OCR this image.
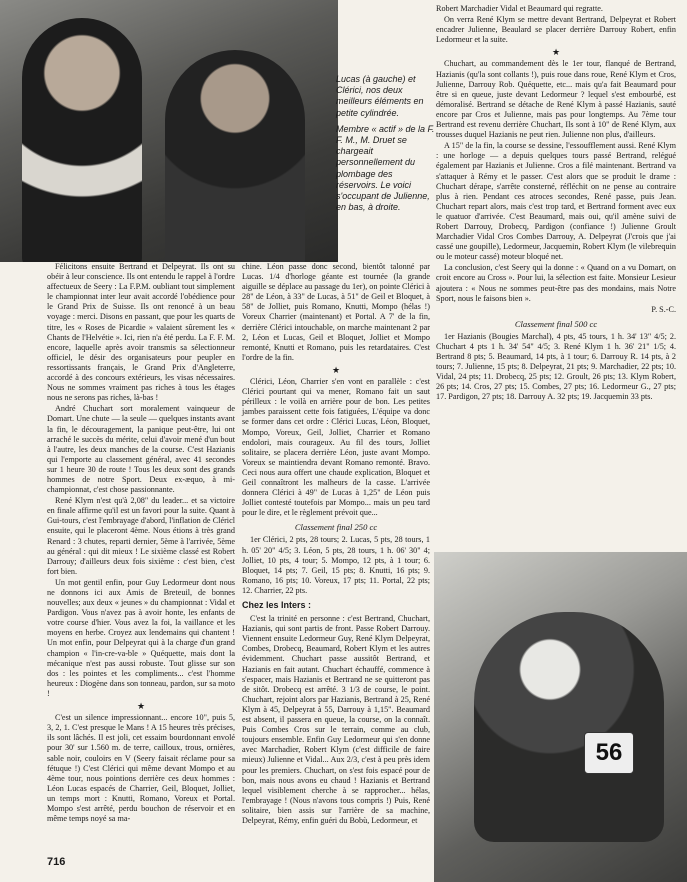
Lucas (à gauche) et Clérici, nos deux meilleurs éléments en petite cylindrée.

Membre « actif » de la F. F. M., M. Druet se chargeait personnellement du plombage des réservoirs. Le voici s'occupant de Julienne, en bas, à droite.

Robert Marchadier Vidal et Beaumard qui regratte.

On verra René Klym se mettre devant Bertrand, Delpeyrat et Robert encadrer Julienne, Beaulard se placer derrière Darrouy Robert, enfin Ledormeur et la suite.

★

Chuchart, au commandement dès le 1er tour, flanqué de Bertrand, Hazianis (qu'la sont collants !), puis roue dans roue, René Klym et Cros, Julienne, Darrouy Rob. Quéquette, etc... mais qu'a fait Beaumard pour être si en queue, juste devant Ledormeur ? lequel s'est embourbé, est démoralisé. Bertrand se détache de René Klym à passé Hazianis, sauté encore par Cros et Julienne, mais pas pour longtemps. Au 7ème tour Bertrand est revenu derrière Chuchart, Ils sont à 10" de René Klym, aux trousses duquel Hazianis ne peut rien. Julienne non plus, d'ailleurs.

A 15" de la fin, la course se dessine, l'essoufflement aussi. René Klym : une horloge — a depuis quelques tours passé Bertrand, relégué également par Hazianis et Julienne. Cros a filé maintenant. Bertrand va s'attaquer à Rémy et le passer. C'est alors que se produit le drame : Chuchart dérape, s'arrête consterné, réfléchit on ne pense au contraire plus à rien. Pendant ces atroces secondes, René passe, puis Jean. Chuchart repart alors, mais c'est trop tard, et Bertrand forment avec eux le quatuor d'arrivée. C'est Beaumard, mais oui, qu'il amène suivi de Robert Darrouy, Drobecq, Pardigon (confiance !) Julienne Groult Marchadier Vidal Cros Combes Darrouy, A. Delpeyrat (J'crois que j'ai cassé une goupille), Ledormeur, Jacquemin, Robert Klym (le vilebrequin ou le moteur cassé) moteur bloqué net.

La conclusion, c'est Seery qui la donne : « Quand on a vu Domart, on croit encore au Cross ». Pour lui, la sélection est faite. Monsieur Lesieur ajoutera : « Nous ne sommes peut-être pas des mondains, mais Notre Sport, nous le faisons bien ».

P. S.-C.

Classement final 500 cc

1er Hazianis (Bougies Marchal), 4 pts, 45 tours, 1 h. 34' 13" 4/5; 2. Chuchart 4 pts 1 h. 34' 54" 4/5; 3. René Klym 1 h. 36' 21" 1/5; 4. Bertrand 8 pts; 5. Beaumard, 14 pts, à 1 tour; 6. Darrouy R. 14 pts, à 2 tours; 7. Julienne, 15 pts; 8. Delpeyrat, 21 pts; 9. Marchadier, 22 pts; 10. Vidal, 24 pts; 11. Drobecq, 25 pts; 12. Groult, 26 pts; 13. Klym Robert, 26 pts; 14. Cros, 27 pts; 15. Combes, 27 pts; 16. Ledormeur G., 27 pts; 17. Pardigon, 27 pts; 18. Darrouy A. 32 pts; 19. Jacquemin 33 pts.

Félicitons ensuite Bertrand et Delpeyrat. Ils ont su obéir à leur conscience. Ils ont entendu le rappel à l'ordre affectueux de Seery : La F.P.M. oubliant tout simplement le championnat inter leur avait accordé l'obédience pour le Grand Prix de Suisse. Ils ont renoncé à un beau voyage : merci. Disons en passant, que pour les quarts de titre, les « Roses de Picardie » valaient sûrement les « Chants de l'Helvétie ». Ici, rien n'a été perdu. La F. F. M. encore, laquelle après avoir transmis sa sélectionneur officiel, le désir des organisateurs pour peupler en ressortissants français, le Grand Prix d'Angleterre, accordé à des concours extérieurs, les visas nécessaires. Nous ne sommes vraiment pas riches à tous les étages nous ne serons pas riches, là-bas !

André Chuchart sort moralement vainqueur de Domart. Une chute — la seule — quelques instants avant la fin, le découragement, la panique peut-être, lui ont arraché le succès du mérite, celui d'avoir mené d'un bout à l'autre, les deux manches de la course. C'est Hazianis qui l'emporte au classement général, avec 41 secondes sur 1 heure 30 de route ! Tous les deux sont des grands hommes de notre Sport. Deux ex-æquo, à mi-championnat, c'est chose passionnante.

René Klym n'est qu'à 2,08" du leader... et sa victoire en finale affirme qu'il est un favori pour la suite. Quant à Gui-tours, c'est l'embrayage d'abord, l'inflation de Cléricl ensuite, qui le placeront 4ème. Nous étions à très grand Renard : 3 chutes, reparti dernier, 5ème à l'arrivée, 5ème au général : qui dit mieux ! Le sixième classé est Robert Darrouy; d'ailleurs deux fois sixième : c'est bien, c'est fort bien.

Un mot gentil enfin, pour Guy Ledormeur dont nous ne donnons ici aux Amis de Breteuil, de bonnes nouvelles; aux deux « jeunes » du championnat : Vidal et Pardigon. Vous n'avez pas à avoir honte, les enfants de votre course d'hier. Vous avez la foi, la vaillance et les moyens en herbe. Croyez aux lendemains qui chantent ! Un mot enfin, pour Delpeyrat qui à la charge d'un grand champion « l'in-cre-va-ble » Quéquette, mais dont la mécanique n'est pas aussi robuste. Tout glisse sur son dos : les pointes et les compliments... c'est l'homme heureux : Diogène dans son tonneau, pardon, sur sa moto !

★

C'est un silence impressionnant... encore 10", puis 5, 3, 2, 1. C'est presque le Mans ! A 15 heures très précises, ils sont lâchés. Il est joli, cet essaim bourdonnant envolé pour 30' sur 1.560 m. de terre, cailloux, trous, ornières, sable noir, couloirs en V (Seery faisait réclame pour sa fétuque !) C'est Clérici qui même devant Mompo et au 4ème tour, nous pointions derrière ces deux hommes : Léon Lucas espacés de Charrier, Geil, Bloquet, Jolliet, un temps mort : Knutti, Romano, Voreux et Portal. Mompo s'est arrêté, perdu bouchon de réservoir et en même temps noyé sa ma-

chine. Léon passe donc second, bientôt talonné par Lucas. 1/4 d'horloge géante est tournée (la grande aiguille se déplace au passage du 1er), on pointe Clérici à 28" de Léon, à 33" de Lucas, à 51" de Geil et Bloquet, à 58" de Jolliet, puis Romano, Knutti, Mompo (hélas !) Voreux Charrier (maintenant) et Portal. A 7' de la fin, derrière Clérici intouchable, on marche maintenant 2 par 2, Léon et Lucas, Geil et Bloquet, Jolliet et Mompo remonté, Knutti et Romano, puis les retardataires. C'est l'ordre de la fin.

★

Clérici, Léon, Charrier s'en vont en parallèle : c'est Clérici pourtant qui va mener, Romano fait un saut périlleux : le voilà en arrière pour de bon. Les petites jambes paraissent cette fois fatiguées, L'équipe va donc se former dans cet ordre : Clérici Lucas, Léon, Bloquet, Mompo, Voreux, Geil, Jolliet, Charrier et Romano endolori, mais courageux. Au fil des tours, Jolliet solitaire, se placera derrière Léon, juste avant Mompo. Voreux se maintiendra devant Romano remonté. Bravo. Ceci nous aura offert une chaude explication, Bloquet et Geil connaîtront les malheurs de la casse. L'arrivée donnera Clérici à 49" de Lucas à 1,25" de Léon puis Jolliet contesté toutefois par Mompo... mais un peu tard pour le dire, et le règlement prévoit que...

Classement final 250 cc

1er Clérici, 2 pts, 28 tours; 2. Lucas, 5 pts, 28 tours, 1 h. 05' 20" 4/5; 3. Léon, 5 pts, 28 tours, 1 h. 06' 30" 4; Jolliet, 10 pts, 4 tour; 5. Mompo, 12 pts, à 1 tour; 6. Bloquet, 14 pts; 7. Geil, 15 pts; 8. Knutti, 16 pts; 9. Romano, 16 pts; 10. Voreux, 17 pts; 11. Portal, 22 pts; 12. Charrier, 22 pts.

Chez les Inters :

C'est la trinité en personne : c'est Bertrand, Chuchart, Hazianis, qui sont partis de front. Passe Robert Darrouy. Viennent ensuite Ledormeur Guy, René Klym Delpeyrat, Combes, Drobecq, Beaumard, Robert Klym et les autres évidemment. Chuchart passe aussitôt Bertrand, et Hazianis en fait autant. Chuchart échauffé, commence à s'espacer, mais Hazianis et Bertrand ne se quitteront pas de sitôt. Drobecq est arrêté. 3 1/3 de course, le point. Chuchart, rejoint alors par Hazianis, Bertrand à 25, René Klym à 45, Delpeyrat à 55, Darrouy à 1,15". Beaumard est absent, il passera en queue, la course, on la connaît. Puis Combes Cros sur le terrain, comme au club, toujours ensemble. Enfin Guy Ledormeur qui s'en donne avec Marchadier, Robert Klym (c'est difficile de faire mieux) Julienne et Vidal... Aux 2/3, c'est à peu près idem pour les premiers. Chuchart, on s'est fois espacé pour de bon, mais nous avons eu chaud ! Hazianis et Bertrand lequel visiblement cherche à se rapprocher... hélas, l'embrayage ! (Nous n'avons tous compris !) Puis, René solitaire, bien assis sur l'arrière de sa machine, Delpeyrat, Rémy, enfin guéri du Bobù, Ledormeur, et

56
716
